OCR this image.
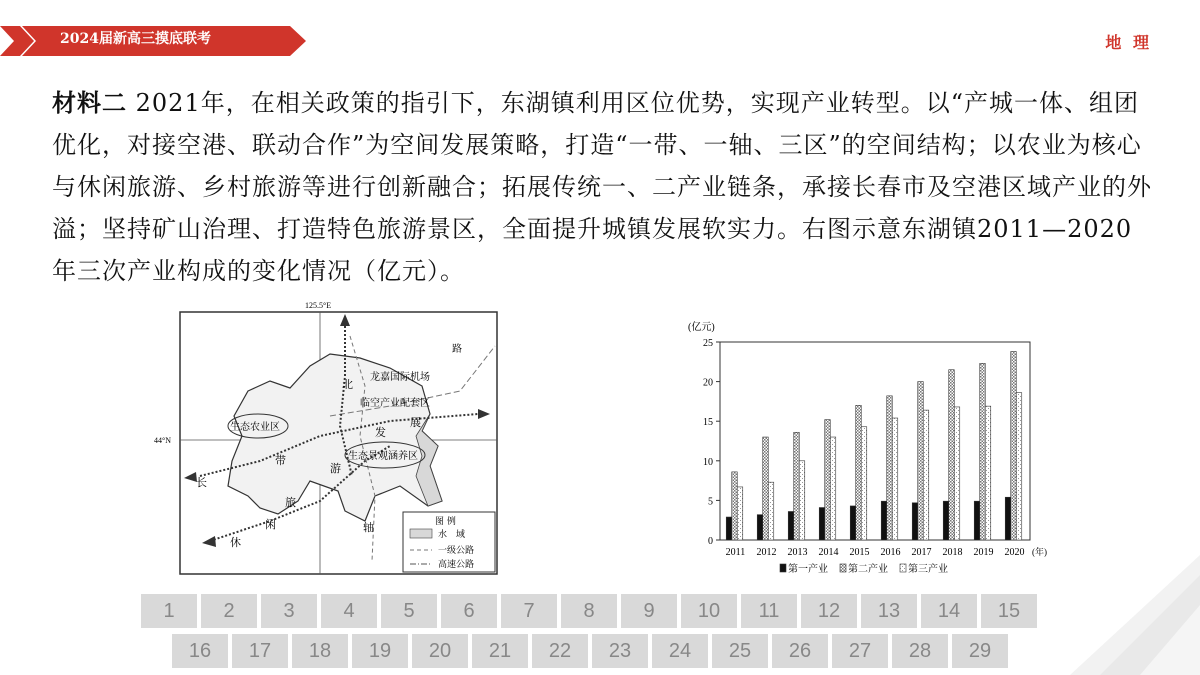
2024届新高三摸底联考	地 理
材料二 2021年，在相关政策的指引下，东湖镇利用区位优势，实现产业转型。以“产城一体、组团优化，对接空港、联动合作”为空间发展策略，打造“一带、一轴、三区”的空间结构；以农业为核心与休闲旅游、乡村旅游等进行创新融合；拓展传统一、二产业链条，承接长春市及空港区域产业的外溢；坚持矿山治理、打造特色旅游景区，全面提升城镇发展软实力。右图示意东湖镇2011—2020年三次产业构成的变化情况（亿元）。
125.5°E
44°N
龙嘉国际机场
临空产业配套区
生态农业区
生态景观涵养区
路
北
长
发
展
休
闲
旅
游
带
轴	图 例
水　域
一级公路
高速公路
(亿元)
0
5
10
15
20
25
2011 2012 2013 2014 2015 2016 2017 2018 2019 2020 (年)
第一产业 第二产业 第三产业
1	2	3	4	5	6	7	8	9	10	11	12	13	14	15
16	17	18	19	20	21	22	23	24	25	26	27	28	29
